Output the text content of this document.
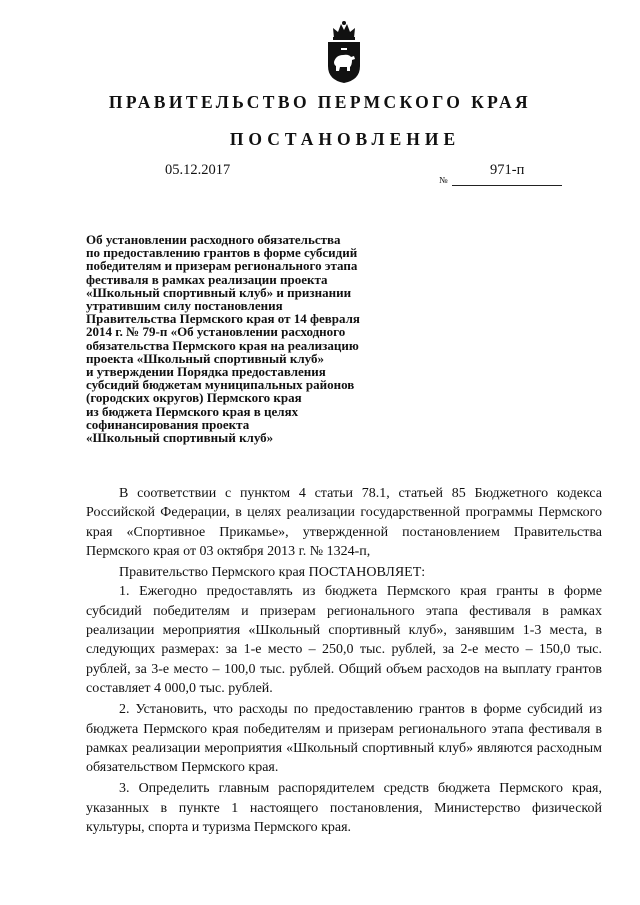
ПРАВИТЕЛЬСТВО ПЕРМСКОГО КРАЯ
ПОСТАНОВЛЕНИЕ
05.12.2017	971-п
№
Об установлении расходного обязательства
по предоставлению грантов в форме субсидий
победителям и призерам регионального этапа
фестиваля в рамках реализации проекта
«Школьный спортивный клуб» и признании
утратившим силу постановления
Правительства Пермского края от 14 февраля
2014 г. № 79-п «Об установлении расходного
обязательства Пермского края на реализацию
проекта «Школьный спортивный клуб»
и утверждении Порядка предоставления
субсидий бюджетам муниципальных районов
(городских округов) Пермского края
из бюджета Пермского края в целях
софинансирования проекта
«Школьный спортивный клуб»

В соответствии с пунктом 4 статьи 78.1, статьей 85 Бюджетного кодекса Российской Федерации, в целях реализации государственной программы Пермского края «Спортивное Прикамье», утвержденной постановлением Правительства Пермского края от 03 октября 2013 г. № 1324-п,

Правительство Пермского края ПОСТАНОВЛЯЕТ:

1. Ежегодно предоставлять из бюджета Пермского края гранты в форме субсидий победителям и призерам регионального этапа фестиваля в рамках реализации мероприятия «Школьный спортивный клуб», занявшим 1-3 места, в следующих размерах: за 1-е место – 250,0 тыс. рублей, за 2-е место – 150,0 тыс. рублей, за 3-е место – 100,0 тыс. рублей. Общий объем расходов на выплату грантов составляет 4 000,0 тыс. рублей.

2. Установить, что расходы по предоставлению грантов в форме субсидий из бюджета Пермского края победителям и призерам регионального этапа фестиваля в рамках реализации мероприятия «Школьный спортивный клуб» являются расходным обязательством Пермского края.

3. Определить главным распорядителем средств бюджета Пермского края, указанных в пункте 1 настоящего постановления, Министерство физической культуры, спорта и туризма Пермского края.
